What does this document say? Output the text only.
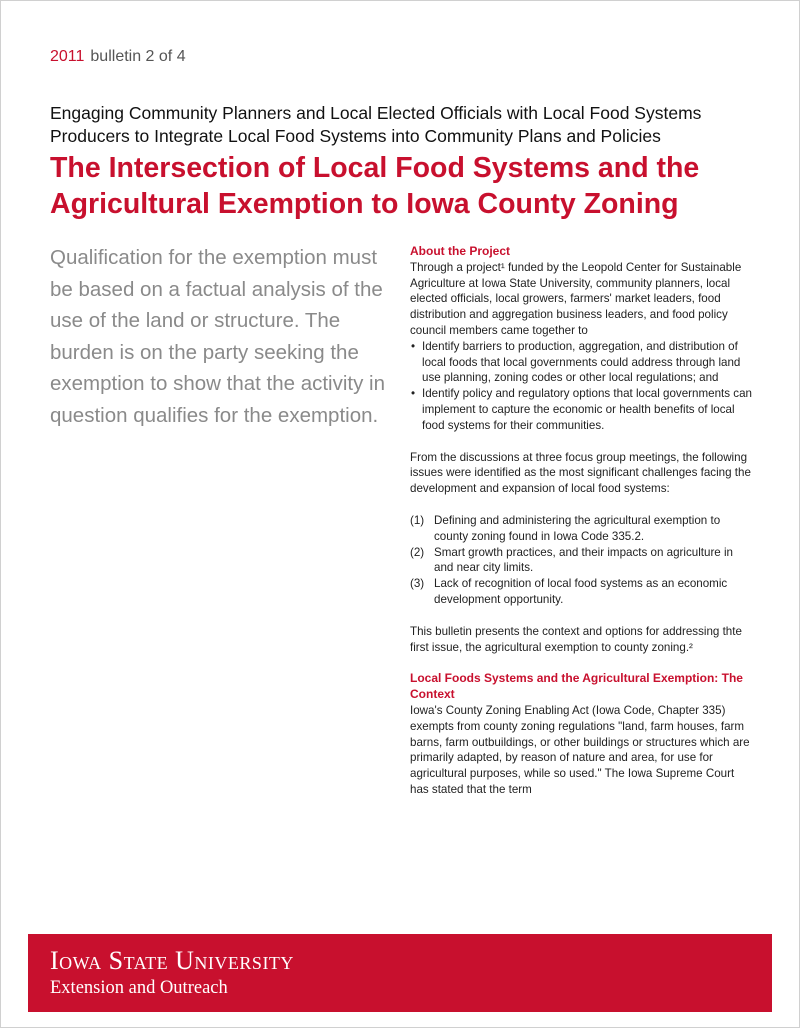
2011 bulletin 2 of 4
Engaging Community Planners and Local Elected Officials with Local Food Systems Producers to Integrate Local Food Systems into Community Plans and Policies
The Intersection of Local Food Systems and the Agricultural Exemption to Iowa County Zoning
Qualification for the exemption must be based on a factual analysis of the use of the land or structure. The burden is on the party seeking the exemption to show that the activity in question qualifies for the exemption.
About the Project

Through a project¹ funded by the Leopold Center for Sustainable Agriculture at Iowa State University, community planners, local elected officials, local growers, farmers' market leaders, food distribution and aggregation business leaders, and food policy council members came together to

• Identify barriers to production, aggregation, and distribution of local foods that local governments could address through land use planning, zoning codes or other local regulations; and
• Identify policy and regulatory options that local governments can implement to capture the economic or health benefits of local food systems for their communities.

From the discussions at three focus group meetings, the following issues were identified as the most significant challenges facing the development and expansion of local food systems:

(1) Defining and administering the agricultural exemption to county zoning found in Iowa Code 335.2.
(2) Smart growth practices, and their impacts on agriculture in and near city limits.
(3) Lack of recognition of local food systems as an economic development opportunity.

This bulletin presents the context and options for addressing thte first issue, the agricultural exemption to county zoning.²

Local Foods Systems and the Agricultural Exemption: The Context

Iowa's County Zoning Enabling Act (Iowa Code, Chapter 335) exempts from county zoning regulations "land, farm houses, farm barns, farm outbuildings, or other buildings or structures which are primarily adapted, by reason of nature and area, for use for agricultural purposes, while so used." The Iowa Supreme Court has stated that the term

Iowa State University
Extension and Outreach
